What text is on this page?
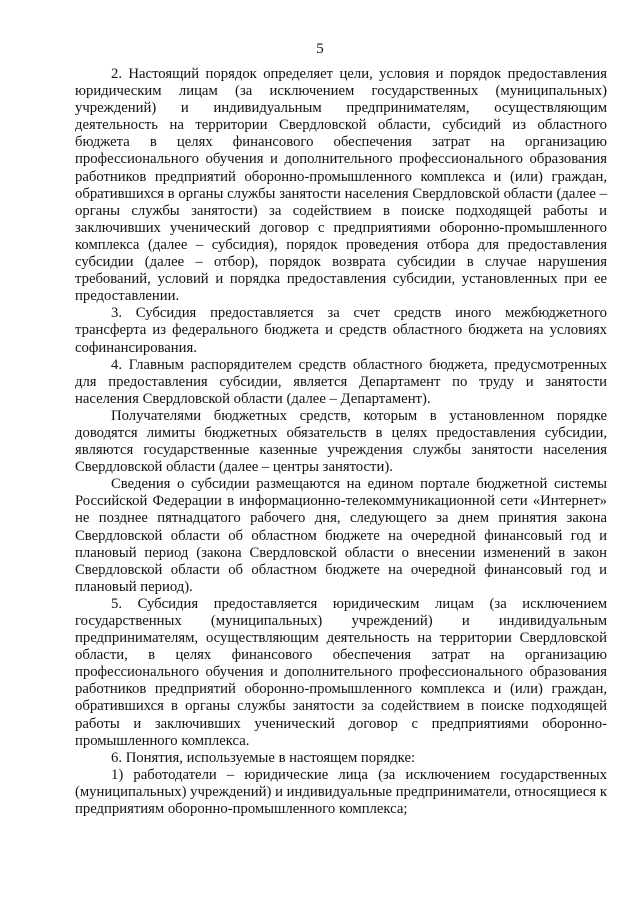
5

2. Настоящий порядок определяет цели, условия и порядок предоставления юридическим лицам (за исключением государственных (муниципальных) учреждений) и индивидуальным предпринимателям, осуществляющим деятельность на территории Свердловской области, субсидий из областного бюджета в целях финансового обеспечения затрат на организацию профессионального обучения и дополнительного профессионального образования работников предприятий оборонно-промышленного комплекса и (или) граждан, обратившихся в органы службы занятости населения Свердловской области (далее – органы службы занятости) за содействием в поиске подходящей работы и заключивших ученический договор с предприятиями оборонно-промышленного комплекса (далее – субсидия), порядок проведения отбора для предоставления субсидии (далее – отбор), порядок возврата субсидии в случае нарушения требований, условий и порядка предоставления субсидии, установленных при ее предоставлении.

3. Субсидия предоставляется за счет средств иного межбюджетного трансферта из федерального бюджета и средств областного бюджета на условиях софинансирования.

4. Главным распорядителем средств областного бюджета, предусмотренных для предоставления субсидии, является Департамент по труду и занятости населения Свердловской области (далее – Департамент).

Получателями бюджетных средств, которым в установленном порядке доводятся лимиты бюджетных обязательств в целях предоставления субсидии, являются государственные казенные учреждения службы занятости населения Свердловской области (далее – центры занятости).

Сведения о субсидии размещаются на едином портале бюджетной системы Российской Федерации в информационно-телекоммуникационной сети «Интернет» не позднее пятнадцатого рабочего дня, следующего за днем принятия закона Свердловской области об областном бюджете на очередной финансовый год и плановый период (закона Свердловской области о внесении изменений в закон Свердловской области об областном бюджете на очередной финансовый год и плановый период).

5. Субсидия предоставляется юридическим лицам (за исключением государственных (муниципальных) учреждений) и индивидуальным предпринимателям, осуществляющим деятельность на территории Свердловской области, в целях финансового обеспечения затрат на организацию профессионального обучения и дополнительного профессионального образования работников предприятий оборонно-промышленного комплекса и (или) граждан, обратившихся в органы службы занятости за содействием в поиске подходящей работы и заключивших ученический договор с предприятиями оборонно-промышленного комплекса.

6. Понятия, используемые в настоящем порядке:

1) работодатели – юридические лица (за исключением государственных (муниципальных) учреждений) и индивидуальные предприниматели, относящиеся к предприятиям оборонно-промышленного комплекса;
